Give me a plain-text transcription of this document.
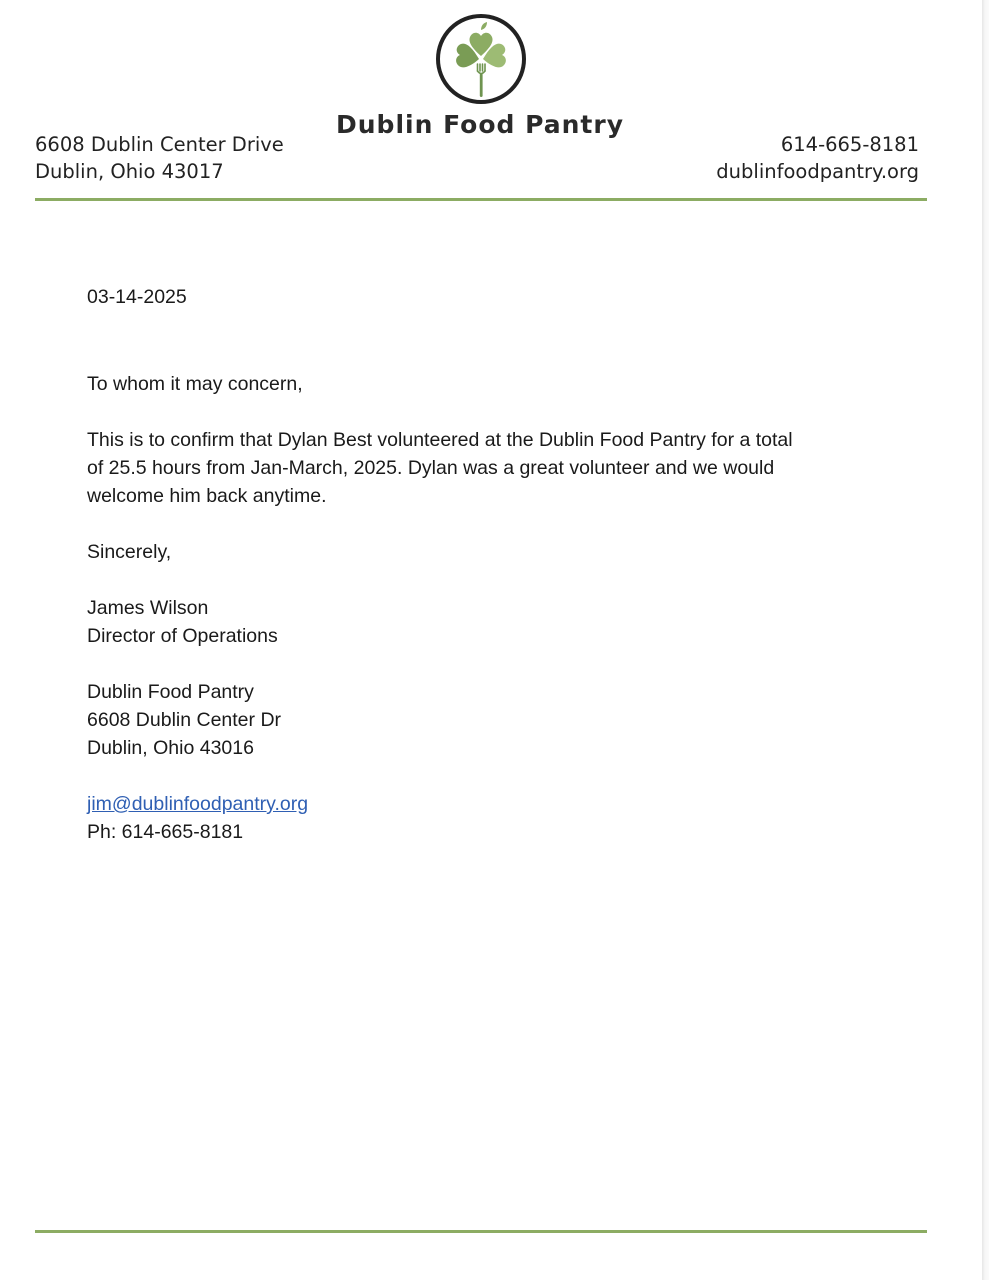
Dublin Food Pantry
6608 Dublin Center Drive
Dublin, Ohio 43017
614-665-8181
dublinfoodpantry.org
03-14-2025
To whom it may concern,

This is to confirm that Dylan Best volunteered at the Dublin Food Pantry for a total

of 25.5 hours from Jan-March, 2025. Dylan was a great volunteer and we would

welcome him back anytime.

Sincerely,

James Wilson

Director of Operations

Dublin Food Pantry

6608 Dublin Center Dr

Dublin, Ohio 43016

jim@dublinfoodpantry.org

Ph: 614-665-8181
